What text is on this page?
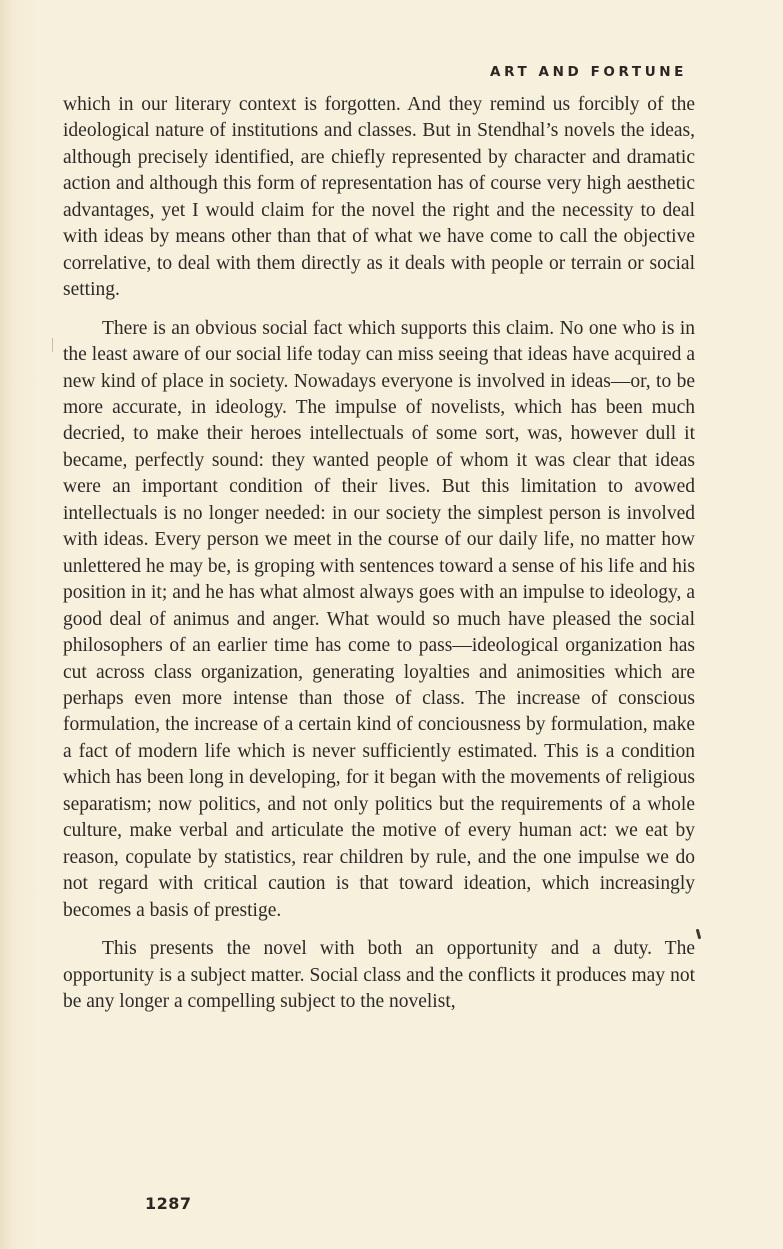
ART AND FORTUNE

which in our literary context is forgotten. And they remind us forcibly of the ideological nature of institutions and classes. But in Stendhal’s novels the ideas, although precisely identified, are chiefly represented by character and dramatic action and although this form of representation has of course very high aesthetic advantages, yet I would claim for the novel the right and the necessity to deal with ideas by means other than that of what we have come to call the objective correlative, to deal with them directly as it deals with people or terrain or social setting.

There is an obvious social fact which supports this claim. No one who is in the least aware of our social life today can miss seeing that ideas have acquired a new kind of place in society. Nowadays everyone is involved in ideas—or, to be more accurate, in ideology. The impulse of novelists, which has been much decried, to make their heroes intellectuals of some sort, was, however dull it became, perfectly sound: they wanted people of whom it was clear that ideas were an important condition of their lives. But this limitation to avowed intellectuals is no longer needed: in our society the simplest person is involved with ideas. Every person we meet in the course of our daily life, no matter how unlettered he may be, is groping with sentences toward a sense of his life and his position in it; and he has what almost always goes with an impulse to ideology, a good deal of animus and anger. What would so much have pleased the social philosophers of an earlier time has come to pass—ideological organization has cut across class organization, generating loyalties and animosities which are perhaps even more intense than those of class. The increase of conscious formulation, the increase of a certain kind of conciousness by formulation, make a fact of modern life which is never sufficiently estimated. This is a condition which has been long in developing, for it began with the movements of religious separatism; now politics, and not only politics but the requirements of a whole culture, make verbal and articulate the motive of every human act: we eat by reason, copulate by statistics, rear children by rule, and the one impulse we do not regard with critical caution is that toward ideation, which increasingly becomes a basis of prestige.

This presents the novel with both an opportunity and a duty. The opportunity is a subject matter. Social class and the conflicts it produces may not be any longer a compelling subject to the novelist,

1287
